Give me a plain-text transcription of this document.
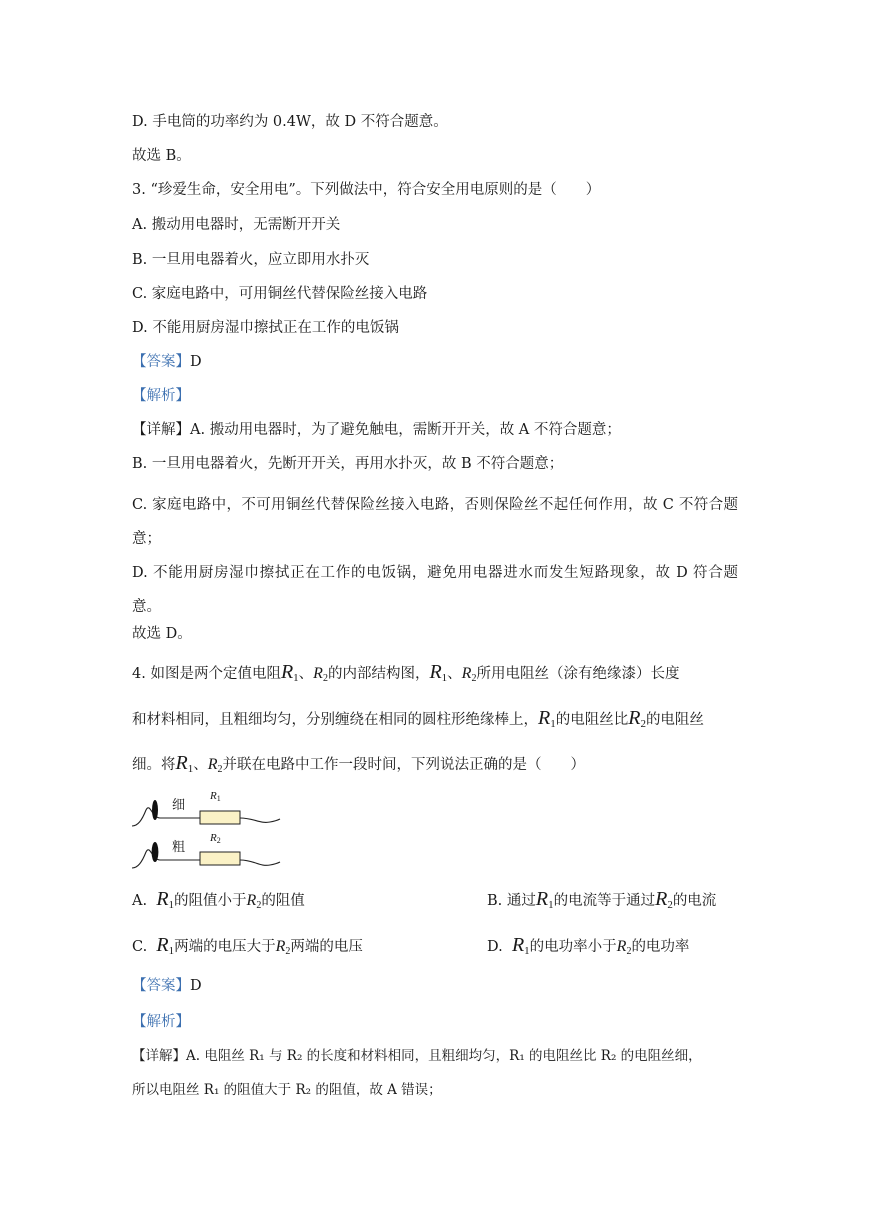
D. 手电筒的功率约为 0.4W，故 D 不符合题意。
故选 B。
3. “珍爱生命，安全用电”。下列做法中，符合安全用电原则的是（　　）
A. 搬动用电器时，无需断开开关
B. 一旦用电器着火，应立即用水扑灭
C. 家庭电路中，可用铜丝代替保险丝接入电路
D. 不能用厨房湿巾擦拭正在工作的电饭锅
【答案】D
【解析】
【详解】A. 搬动用电器时，为了避免触电，需断开开关，故 A 不符合题意；
B. 一旦用电器着火，先断开开关，再用水扑灭，故 B 不符合题意；
C. 家庭电路中，不可用铜丝代替保险丝接入电路，否则保险丝不起任何作用，故 C 不符合题意；
D. 不能用厨房湿巾擦拭正在工作的电饭锅，避免用电器进水而发生短路现象，故 D 符合题意。
故选 D。
4. 如图是两个定值电阻$R_1$、$R_2$的内部结构图，$R_1$、$R_2$所用电阻丝（涂有绝缘漆）长度
和材料相同，且粗细均匀，分别缠绕在相同的圆柱形绝缘棒上，$R_1$的电阻丝比$R_2$的电阻丝
细。将$R_1$、$R_2$并联在电路中工作一段时间，下列说法正确的是（　　）
细
粗
$R_1$
$R_2$
A. $R_1$的阻值小于$R_2$的阻值	B. 通过$R_1$的电流等于通过$R_2$的电流
C. $R_1$两端的电压大于$R_2$两端的电压	D. $R_1$的电功率小于$R_2$的电功率
【答案】D
【解析】
【详解】A. 电阻丝 R₁ 与 R₂ 的长度和材料相同，且粗细均匀，R₁ 的电阻丝比 R₂ 的电阻丝细，
所以电阻丝 R₁ 的阻值大于 R₂ 的阻值，故 A 错误；
